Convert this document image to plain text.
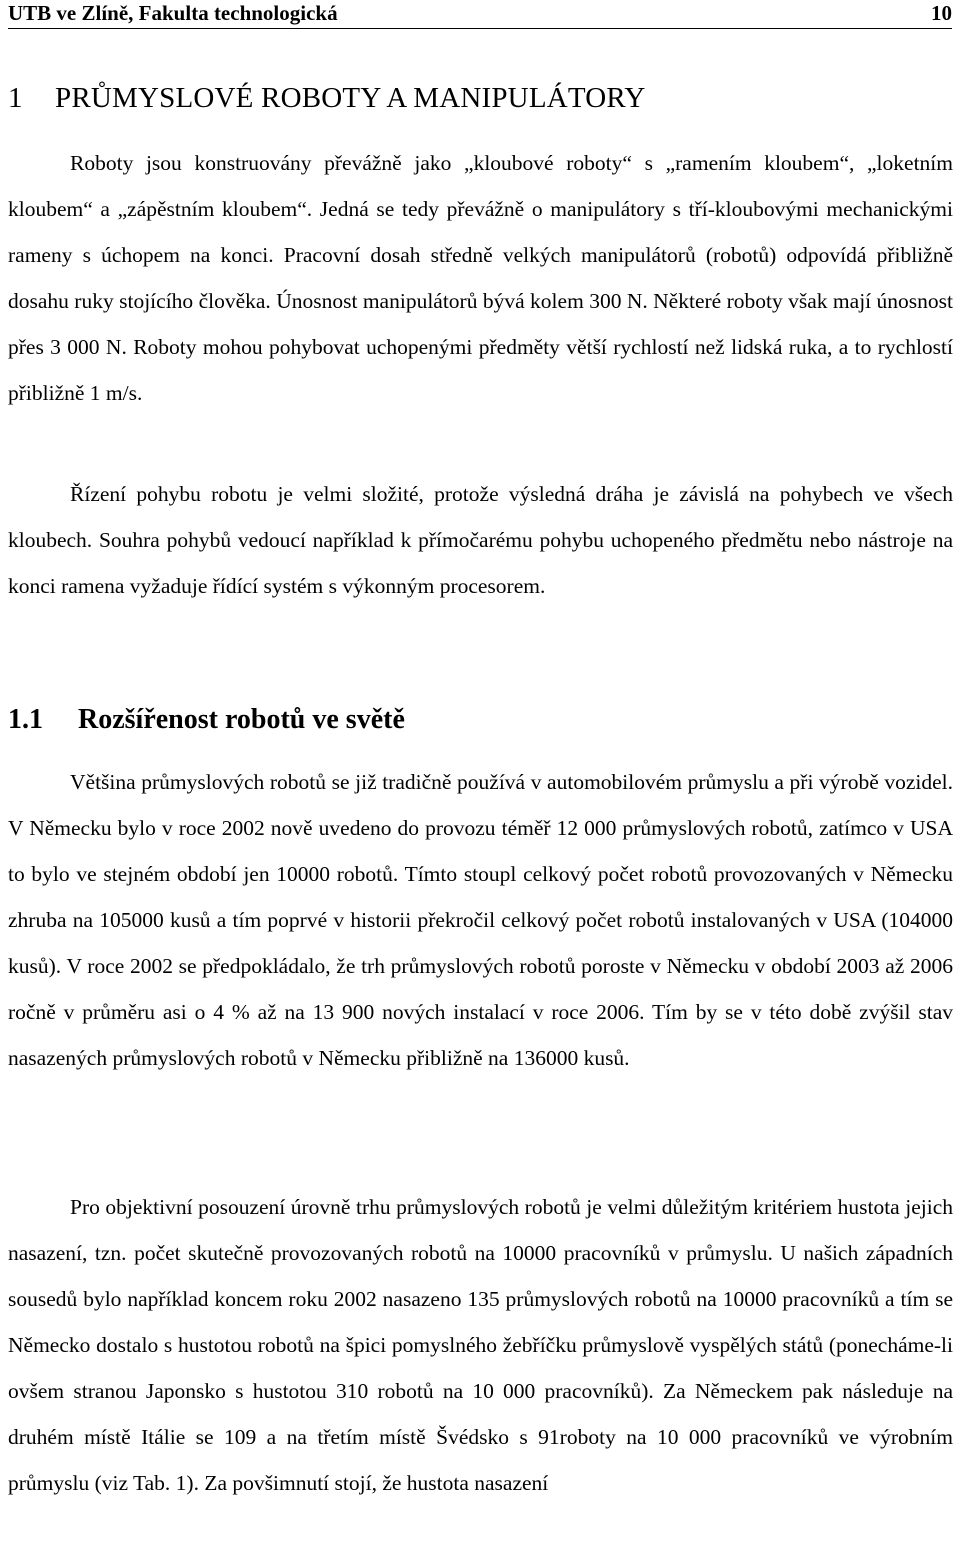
UTB ve Zlíně, Fakulta technologická	10
1 PRŮMYSLOVÉ ROBOTY A MANIPULÁTORY

Roboty jsou konstruovány převážně jako „kloubové roboty“ s „ramením kloubem“, „loketním kloubem“ a „zápěstním kloubem“. Jedná se tedy převážně o manipulátory s tří-kloubovými mechanickými rameny s úchopem na konci. Pracovní dosah středně velkých manipulátorů (robotů) odpovídá přibližně dosahu ruky stojícího člověka. Únosnost manipulátorů bývá kolem 300 N. Některé roboty však mají únosnost přes 3 000 N. Roboty mohou pohybovat uchopenými předměty větší rychlostí než lidská ruka, a to rychlostí přibližně 1 m/s.

Řízení pohybu robotu je velmi složité, protože výsledná dráha je závislá na pohybech ve všech kloubech. Souhra pohybů vedoucí například k přímočarému pohybu uchopeného předmětu nebo nástroje na konci ramena vyžaduje řídící systém s výkonným procesorem.

1.1 Rozšířenost robotů ve světě

Většina průmyslových robotů se již tradičně používá v automobilovém průmyslu a při výrobě vozidel. V Německu bylo v roce 2002 nově uvedeno do provozu téměř 12 000 průmyslových robotů, zatímco v USA to bylo ve stejném období jen 10000 robotů. Tímto stoupl celkový počet robotů provozovaných v Německu zhruba na 105000 kusů a tím poprvé v historii překročil celkový počet robotů instalovaných v USA (104000 kusů). V roce 2002 se předpokládalo, že trh průmyslových robotů poroste v Německu v období 2003 až 2006 ročně v průměru asi o 4 % až na 13 900 nových instalací v roce 2006. Tím by se v této době zvýšil stav nasazených průmyslových robotů v Německu přibližně na 136000 kusů.

Pro objektivní posouzení úrovně trhu průmyslových robotů je velmi důležitým kritériem hustota jejich nasazení, tzn. počet skutečně provozovaných robotů na 10000 pracovníků v průmyslu. U našich západních sousedů bylo například koncem roku 2002 nasazeno 135 průmyslových robotů na 10000 pracovníků a tím se Německo dostalo s hustotou robotů na špici pomyslného žebříčku průmyslově vyspělých států (ponecháme-li ovšem stranou Japonsko s hustotou 310 robotů na 10 000 pracovníků). Za Německem pak následuje na druhém místě Itálie se 109 a na třetím místě Švédsko s 91roboty na 10 000 pracovníků ve výrobním průmyslu (viz Tab. 1). Za povšimnutí stojí, že hustota nasazení
